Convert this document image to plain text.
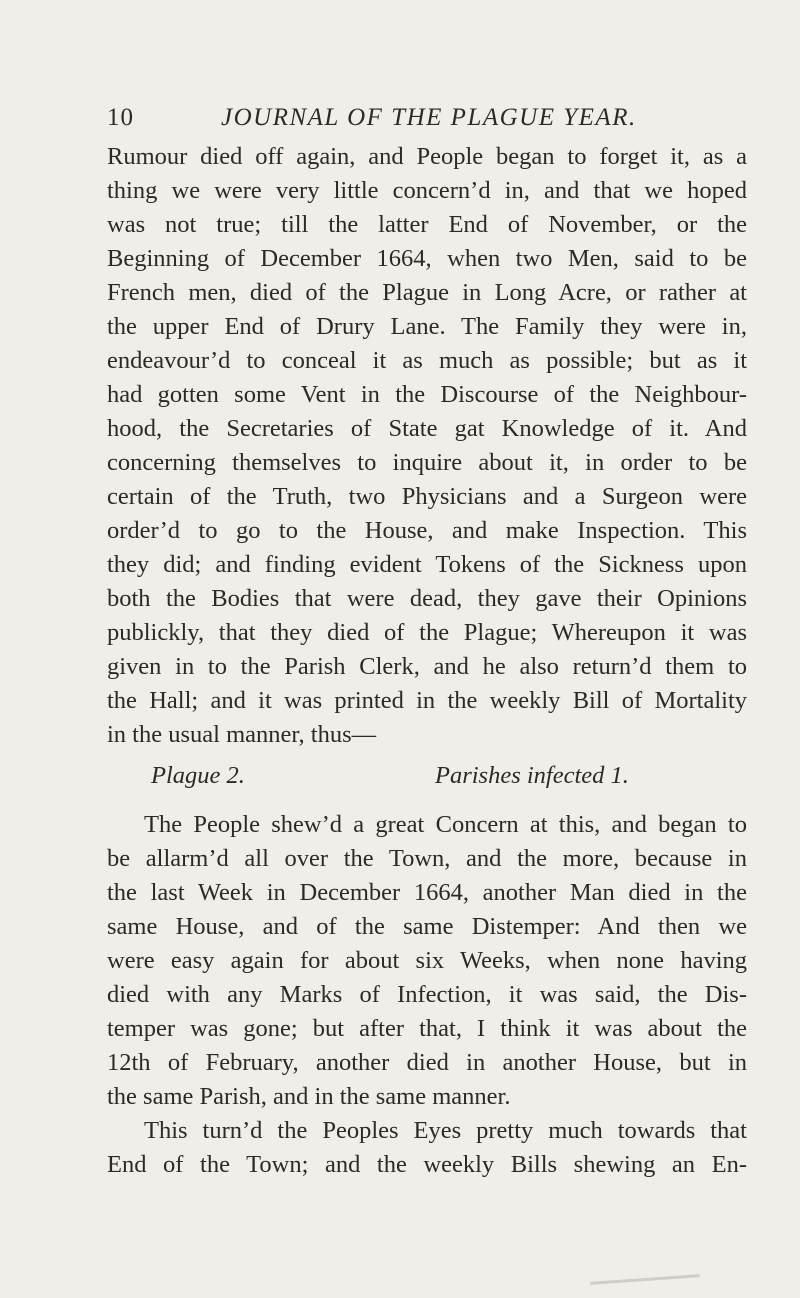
10	JOURNAL OF THE PLAGUE YEAR.
Rumour died off again, and People began to forget it, as a
thing we were very little concern’d in, and that we hoped
was not true; till the latter End of November, or the
Beginning of December 1664, when two Men, said to be
French men, died of the Plague in Long Acre, or rather at
the upper End of Drury Lane. The Family they were in,
endeavour’d to conceal it as much as possible; but as it
had gotten some Vent in the Discourse of the Neighbour-
hood, the Secretaries of State gat Knowledge of it. And
concerning themselves to inquire about it, in order to be
certain of the Truth, two Physicians and a Surgeon were
order’d to go to the House, and make Inspection. This
they did; and finding evident Tokens of the Sickness upon
both the Bodies that were dead, they gave their Opinions
publickly, that they died of the Plague; Whereupon it was
given in to the Parish Clerk, and he also return’d them to
the Hall; and it was printed in the weekly Bill of Mortality
in the usual manner, thus—
Plague 2.	Parishes infected 1.
The People shew’d a great Concern at this, and began to
be allarm’d all over the Town, and the more, because in
the last Week in December 1664, another Man died in the
same House, and of the same Distemper: And then we
were easy again for about six Weeks, when none having
died with any Marks of Infection, it was said, the Dis-
temper was gone; but after that, I think it was about the
12th of February, another died in another House, but in
the same Parish, and in the same manner.
This turn’d the Peoples Eyes pretty much towards that
End of the Town; and the weekly Bills shewing an En-
